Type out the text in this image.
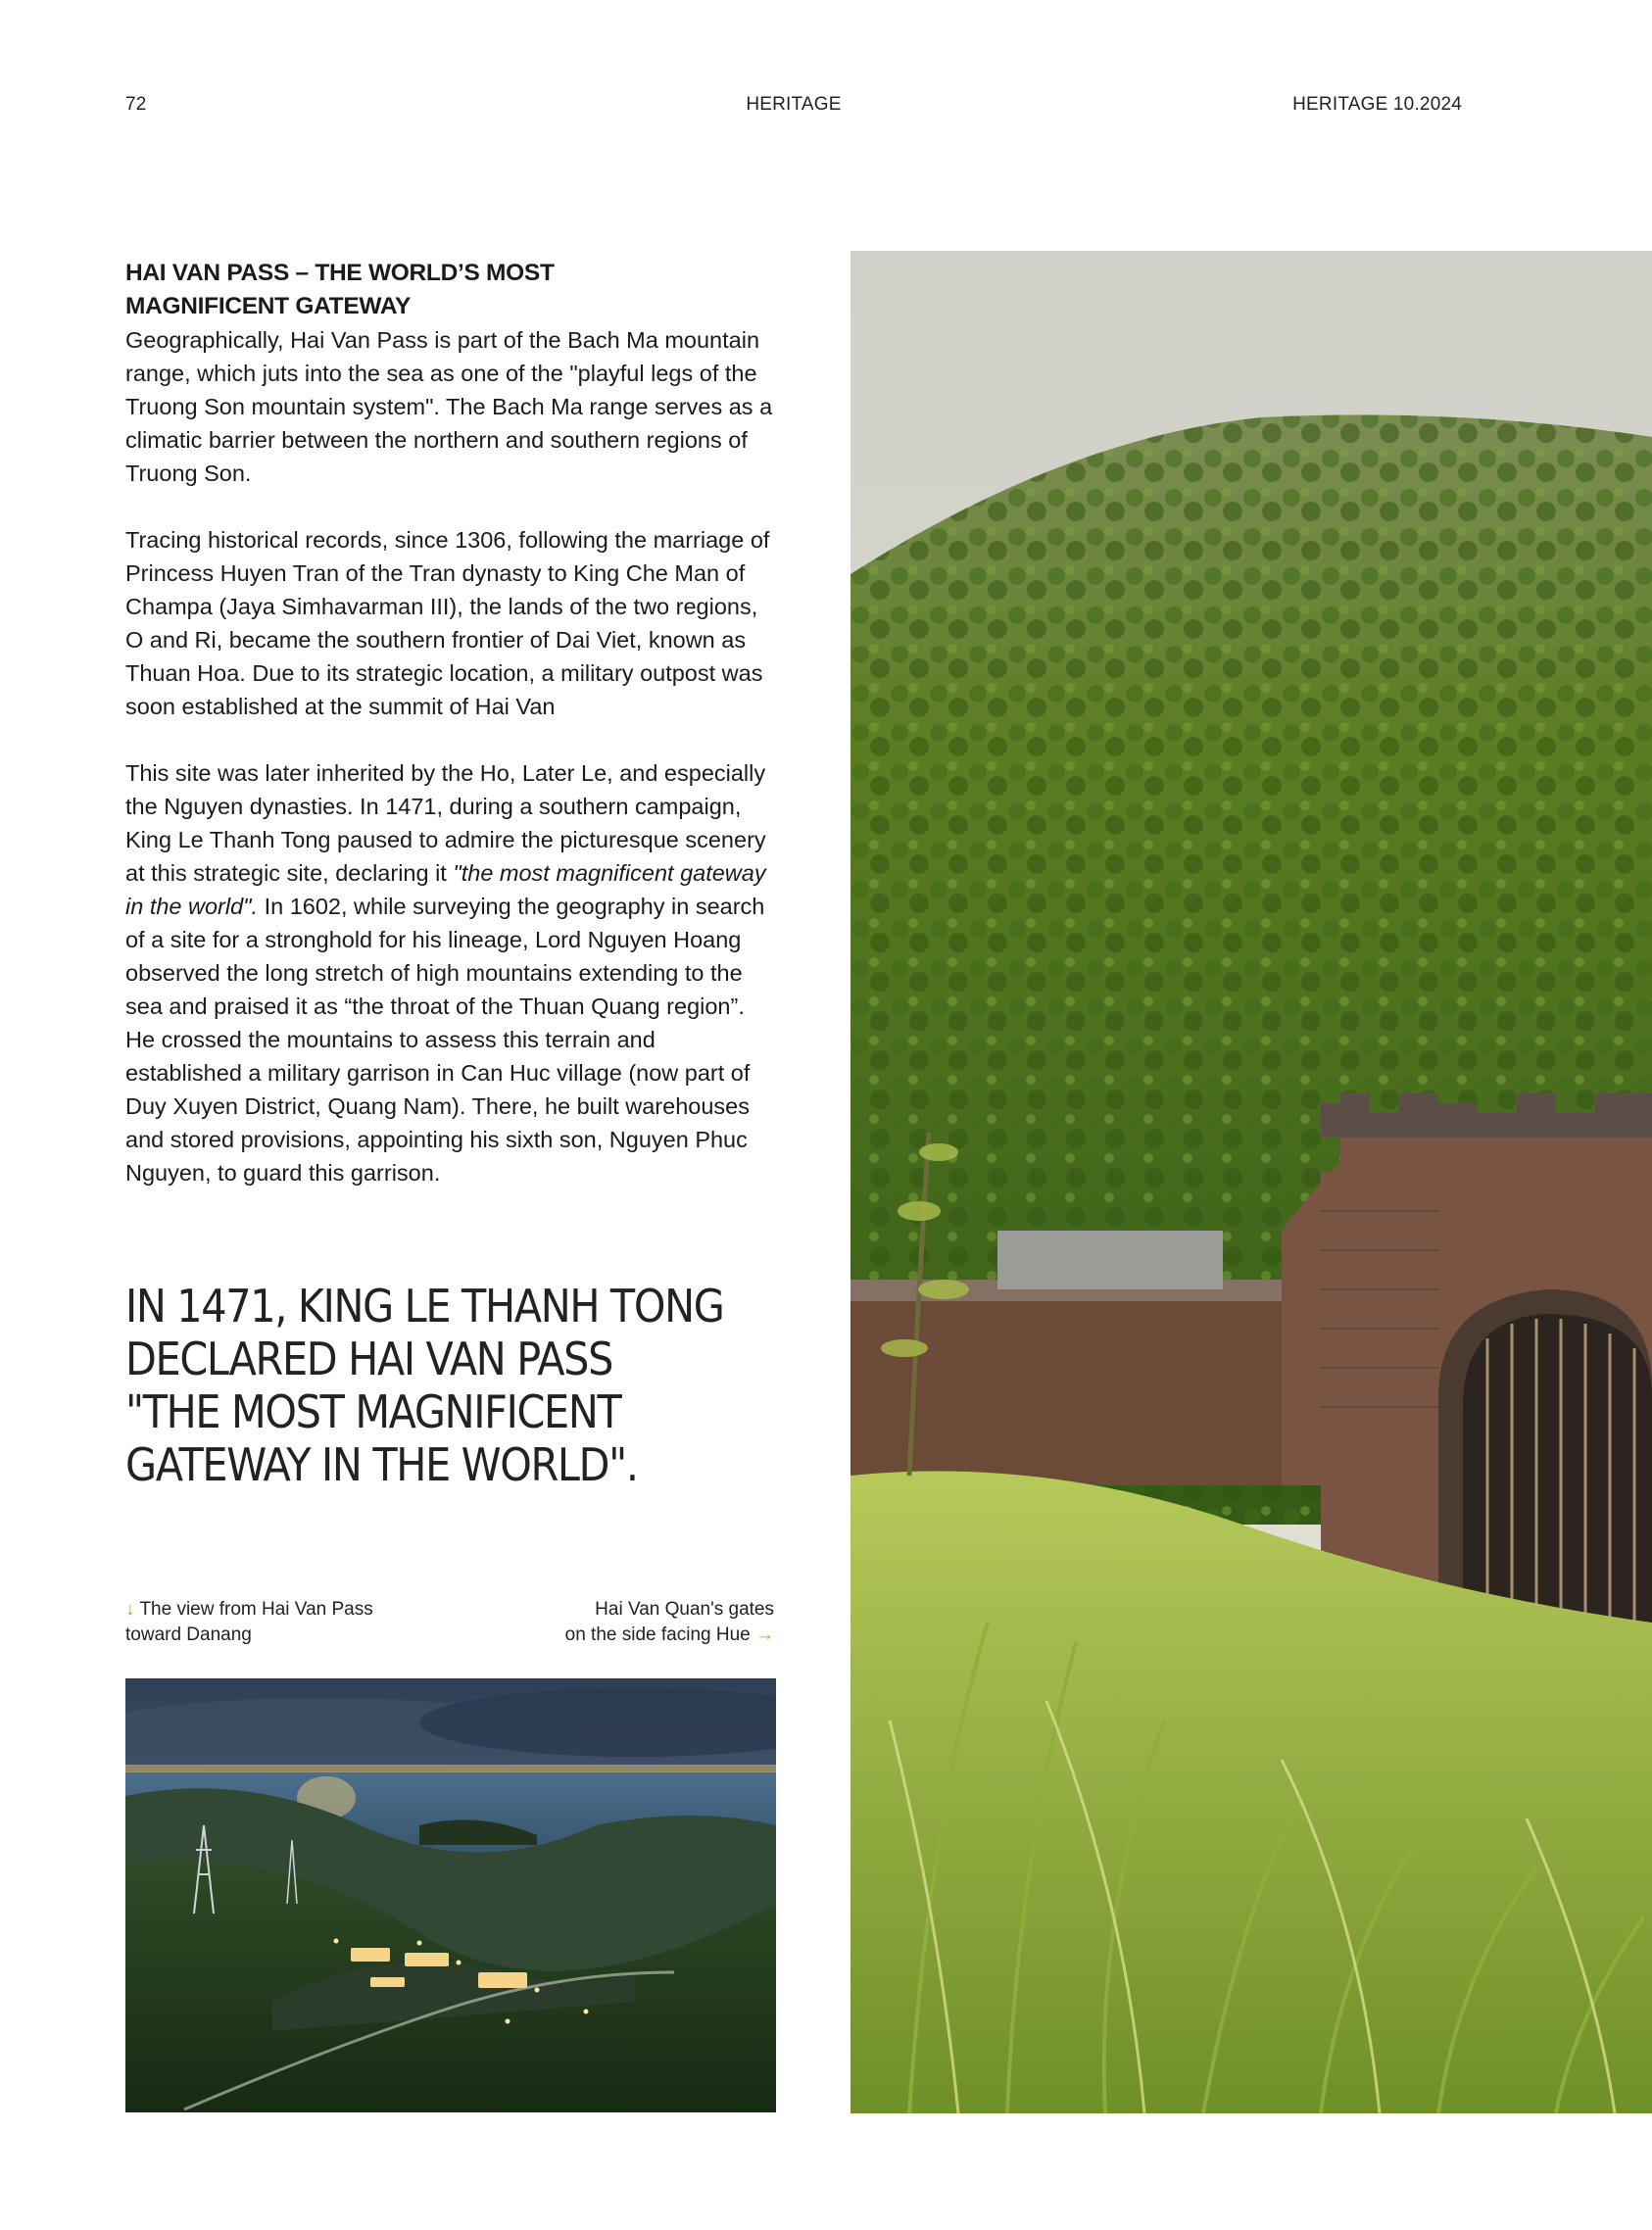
72	HERITAGE	HERITAGE 10.2024
HAI VAN PASS – THE WORLD’S MOST
MAGNIFICENT GATEWAY

Geographically, Hai Van Pass is part of the Bach Ma mountain range, which juts into the sea as one of the "playful legs of the Truong Son mountain system". The Bach Ma range serves as a climatic barrier between the northern and southern regions of Truong Son.

Tracing historical records, since 1306, following the marriage of Princess Huyen Tran of the Tran dynasty to King Che Man of Champa (Jaya Simhavarman III), the lands of the two regions, O and Ri, became the southern frontier of Dai Viet, known as Thuan Hoa. Due to its strategic location, a military outpost was soon established at the summit of Hai Van

This site was later inherited by the Ho, Later Le, and especially the Nguyen dynasties. In 1471, during a southern campaign, King Le Thanh Tong paused to admire the picturesque scenery at this strategic site, declaring it "the most magnificent gateway in the world". In 1602, while surveying the geography in search of a site for a stronghold for his lineage, Lord Nguyen Hoang observed the long stretch of high mountains extending to the sea and praised it as “the throat of the Thuan Quang region”. He crossed the mountains to assess this terrain and established a military garrison in Can Huc village (now part of Duy Xuyen District, Quang Nam). There, he built warehouses and stored provisions, appointing his sixth son, Nguyen Phuc Nguyen, to guard this garrison.

IN 1471, KING LE THANH TONG
DECLARED HAI VAN PASS
"THE MOST MAGNIFICENT
GATEWAY IN THE WORLD".
↓ The view from Hai Van Pass
toward Danang
Hai Van Quan's gates
on the side facing Hue →
